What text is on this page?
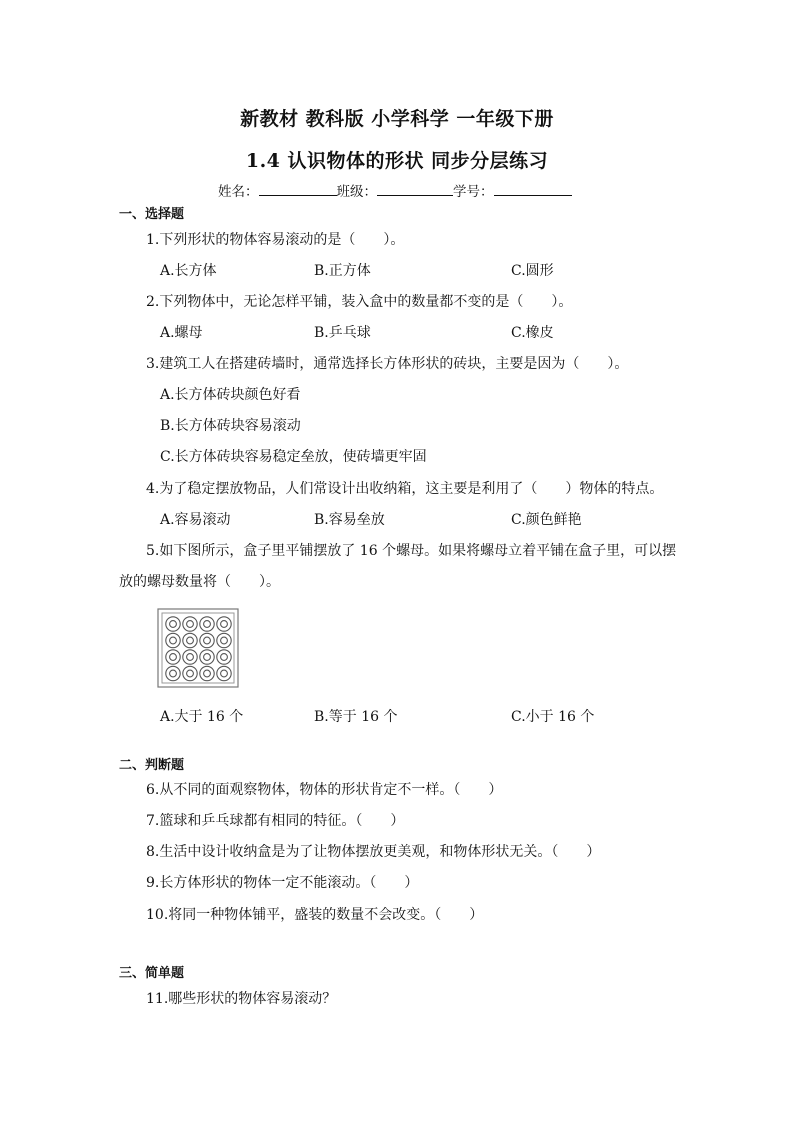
新教材 教科版 小学科学 一年级下册
1.4 认识物体的形状 同步分层练习
姓名：	班级：	学号：
一、选择题
1.下列形状的物体容易滚动的是（　　）。
A.长方体	B.正方体	C.圆形
2.下列物体中，无论怎样平铺，装入盒中的数量都不变的是（　　）。
A.螺母	B.乒乓球	C.橡皮
3.建筑工人在搭建砖墙时，通常选择长方体形状的砖块，主要是因为（　　）。
A.长方体砖块颜色好看
B.长方体砖块容易滚动
C.长方体砖块容易稳定垒放，使砖墙更牢固
4.为了稳定摆放物品，人们常设计出收纳箱，这主要是利用了（　　）物体的特点。
A.容易滚动	B.容易垒放	C.颜色鲜艳
5.如下图所示，盒子里平铺摆放了 16 个螺母。如果将螺母立着平铺在盒子里，可以摆
放的螺母数量将（　　）。
A.大于 16 个	B.等于 16 个	C.小于 16 个
二、判断题
6.从不同的面观察物体，物体的形状肯定不一样。（　　）
7.篮球和乒乓球都有相同的特征。（　　）
8.生活中设计收纳盒是为了让物体摆放更美观，和物体形状无关。（　　）
9.长方体形状的物体一定不能滚动。（　　）
10.将同一种物体铺平，盛装的数量不会改变。（　　）
三、简单题
11.哪些形状的物体容易滚动？
